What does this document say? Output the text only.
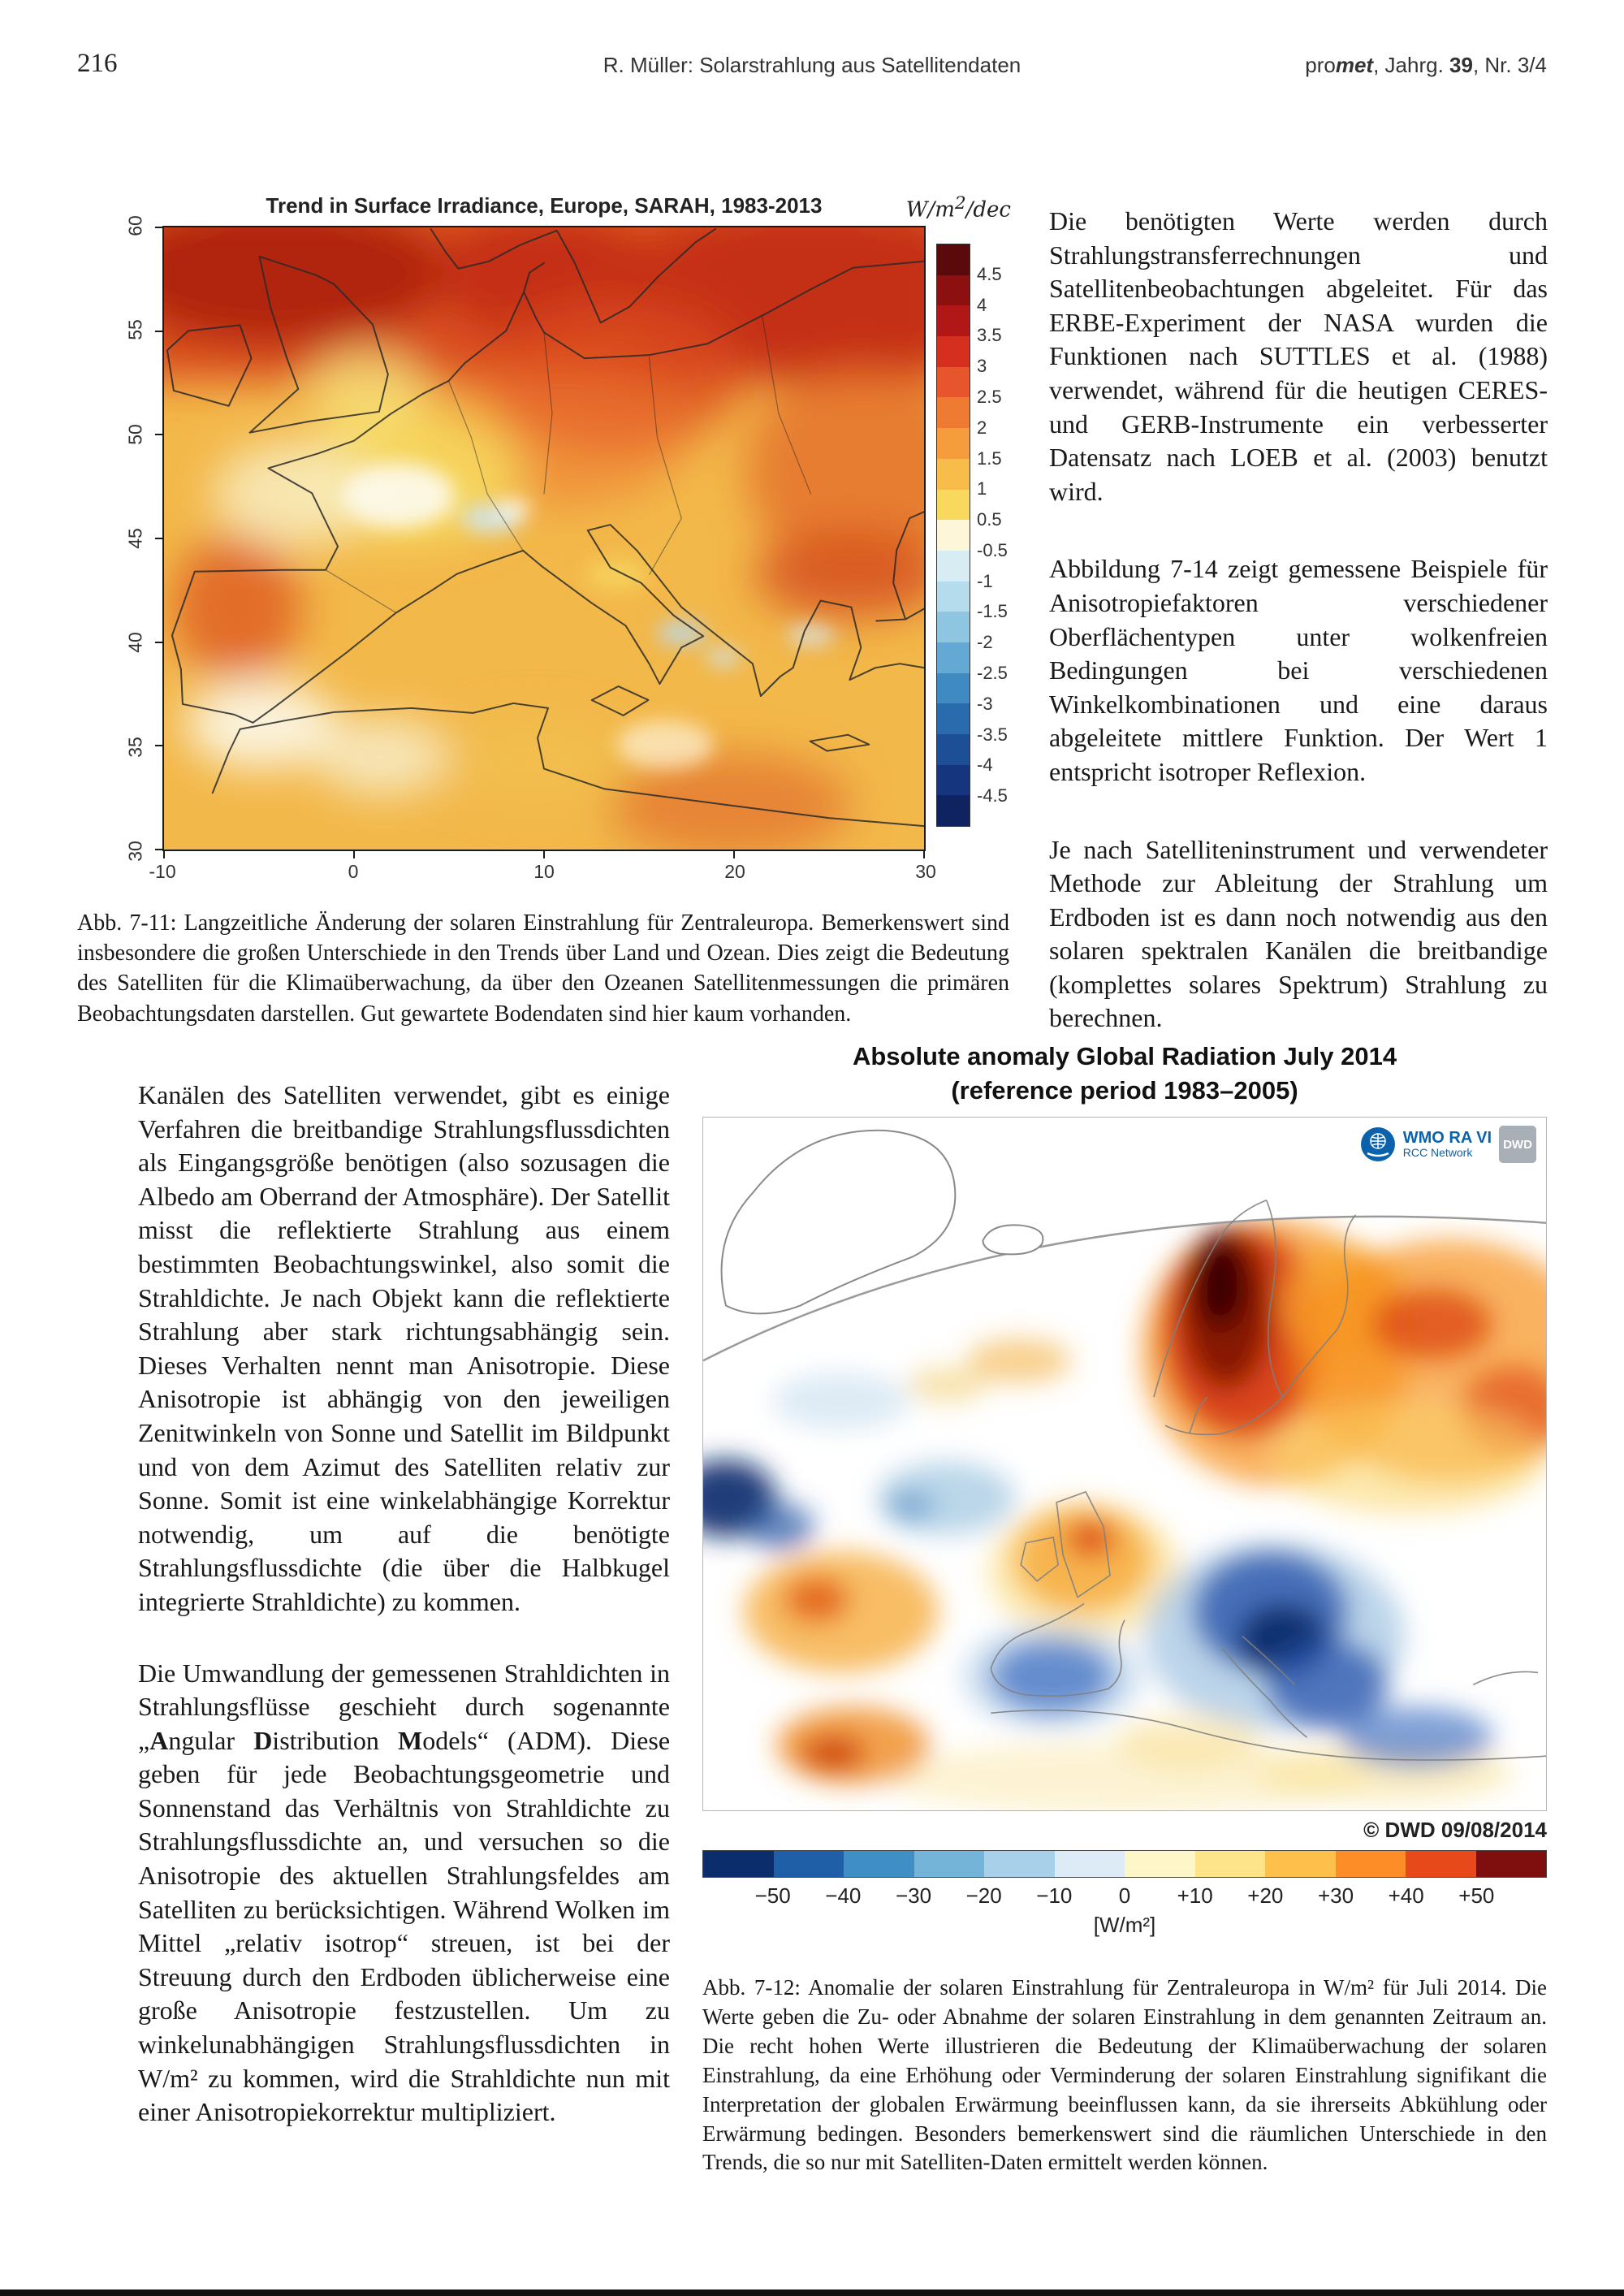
216	R. Müller: Solarstrahlung aus Satellitendaten	promet, Jahrg. 39, Nr. 3/4
Trend in Surface Irradiance, Europe, SARAH, 1983-2013	$W/m^2$/dec
60
55
50
45
40
35
30
-10	0	10	20	30
4.5
4
3.5
3
2.5
2
1.5
1
0.5
-0.5
-1
-1.5
-2
-2.5
-3
-3.5
-4
-4.5

Abb. 7-11: Langzeitliche Änderung der solaren Einstrahlung für Zentraleuropa. Bemerkenswert sind insbesondere die großen Unterschiede in den Trends über Land und Ozean. Dies zeigt die Bedeutung des Satelliten für die Klimaüberwachung, da über den Ozeanen Satellitenmessungen die primären Beobachtungsdaten darstellen. Gut gewartete Bodendaten sind hier kaum vorhanden.

Die benötigten Werte werden durch Strahlungstransferrechnungen und Satellitenbeobachtungen abgeleitet. Für das ERBE-Experiment der NASA wurden die Funktionen nach SUTTLES et al. (1988) verwendet, während für die heutigen CERES- und GERB-Instrumente ein verbesserter Datensatz nach LOEB et al. (2003) benutzt wird.

Abbildung 7-14 zeigt gemessene Beispiele für Anisotropiefaktoren verschiedener Oberflächentypen unter wolkenfreien Bedingungen bei verschiedenen Winkelkombinationen und eine daraus abgeleitete mittlere Funktion. Der Wert 1 entspricht isotroper Reflexion.

Je nach Satelliteninstrument und verwendeter Methode zur Ableitung der Strahlung um Erdboden ist es dann noch notwendig aus den solaren spektralen Kanälen die breitbandige (komplettes solares Spektrum) Strahlung zu berechnen.

Kanälen des Satelliten verwendet, gibt es einige Verfahren die breitbandige Strahlungsflussdichten als Eingangsgröße benötigen (also sozusagen die Albedo am Oberrand der Atmosphäre). Der Satellit misst die reflektierte Strahlung aus einem bestimmten Beobachtungswinkel, also somit die Strahldichte. Je nach Objekt kann die reflektierte Strahlung aber stark richtungsabhängig sein. Dieses Verhalten nennt man Anisotropie. Diese Anisotropie ist abhängig von den jeweiligen Zenitwinkeln von Sonne und Satellit im Bildpunkt und von dem Azimut des Satelliten relativ zur Sonne. Somit ist eine winkelabhängige Korrektur notwendig, um auf die benötigte Strahlungsflussdichte (die über die Halbkugel integrierte Strahldichte) zu kommen.

Die Umwandlung der gemessenen Strahldichten in Strahlungsflüsse geschieht durch sogenannte „Angular Distribution Models“ (ADM). Diese geben für jede Beobachtungsgeometrie und Sonnenstand das Verhältnis von Strahldichte zu Strahlungsflussdichte an, und versuchen so die Anisotropie des aktuellen Strahlungsfeldes am Satelliten zu berücksichtigen. Während Wolken im Mittel „relativ isotrop“ streuen, ist bei der Streuung durch den Erdboden üblicherweise eine große Anisotropie festzustellen. Um zu winkelunabhängigen Strahlungsflussdichten in W/m² zu kommen, wird die Strahldichte nun mit einer Anisotropiekorrektur multipliziert.

Absolute anomaly Global Radiation July 2014
(reference period 1983–2005)
WMO RA VI
RCC Network
DWD
© DWD 09/08/2014
−50 −40 −30 −20 −10 0 +10 +20 +30 +40 +50
[W/m²]

Abb. 7-12: Anomalie der solaren Einstrahlung für Zentraleuropa in W/m² für Juli 2014. Die Werte geben die Zu- oder Abnahme der solaren Einstrahlung in dem genannten Zeitraum an. Die recht hohen Werte illustrieren die Bedeutung der Klimaüberwachung der solaren Einstrahlung, da eine Erhöhung oder Verminderung der solaren Einstrahlung signifikant die Interpretation der globalen Erwärmung beeinflussen kann, da sie ihrerseits Abkühlung oder Erwärmung bedingen. Besonders bemerkenswert sind die räumlichen Unterschiede in den Trends, die so nur mit Satelliten-Daten ermittelt werden können.
